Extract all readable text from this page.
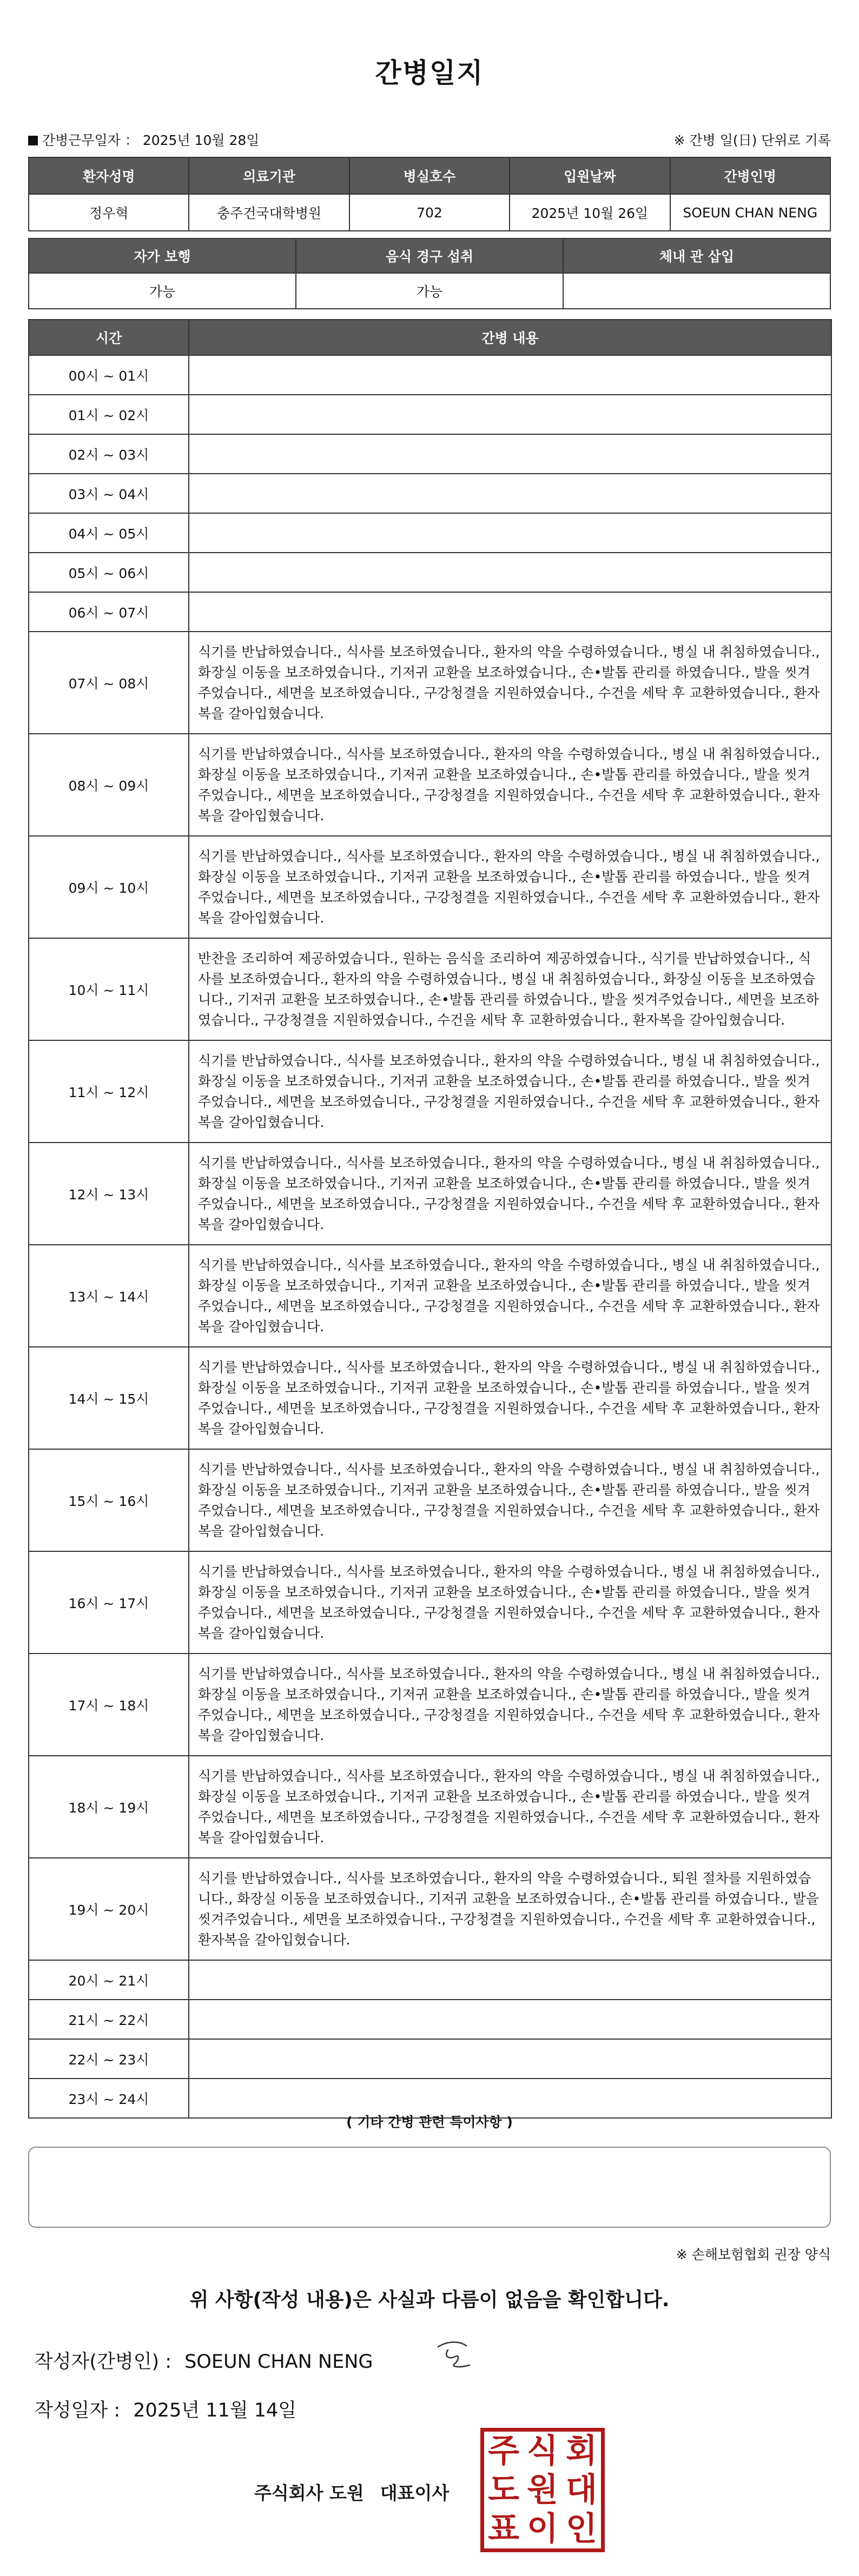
간병일지
간병근무일자 ： 2025년 10월 28일	※ 간병 일(日) 단위로 기록
환자성명	의료기관	병실호수	입원날짜	간병인명
정우혁	충주건국대학병원	702	2025년 10월 26일	SOEUN CHAN NENG
자가 보행	음식 경구 섭취	체내 관 삽입
가능	가능	
시간	간병 내용
00시 ~ 01시	
01시 ~ 02시	
02시 ~ 03시	
03시 ~ 04시	
04시 ~ 05시	
05시 ~ 06시	
06시 ~ 07시	
07시 ~ 08시	식기를 반납하였습니다., 식사를 보조하였습니다., 환자의 약을 수령하였습니다., 병실 내 취침하였습니다., 화장실 이동을 보조하였습니다., 기저귀 교환을 보조하였습니다., 손•발톱 관리를 하였습니다., 발을 씻겨주었습니다., 세면을 보조하였습니다., 구강청결을 지원하였습니다., 수건을 세탁 후 교환하였습니다., 환자복을 갈아입혔습니다.
08시 ~ 09시	식기를 반납하였습니다., 식사를 보조하였습니다., 환자의 약을 수령하였습니다., 병실 내 취침하였습니다., 화장실 이동을 보조하였습니다., 기저귀 교환을 보조하였습니다., 손•발톱 관리를 하였습니다., 발을 씻겨주었습니다., 세면을 보조하였습니다., 구강청결을 지원하였습니다., 수건을 세탁 후 교환하였습니다., 환자복을 갈아입혔습니다.
09시 ~ 10시	식기를 반납하였습니다., 식사를 보조하였습니다., 환자의 약을 수령하였습니다., 병실 내 취침하였습니다., 화장실 이동을 보조하였습니다., 기저귀 교환을 보조하였습니다., 손•발톱 관리를 하였습니다., 발을 씻겨주었습니다., 세면을 보조하였습니다., 구강청결을 지원하였습니다., 수건을 세탁 후 교환하였습니다., 환자복을 갈아입혔습니다.
10시 ~ 11시	반찬을 조리하여 제공하였습니다., 원하는 음식을 조리하여 제공하였습니다., 식기를 반납하였습니다., 식사를 보조하였습니다., 환자의 약을 수령하였습니다., 병실 내 취침하였습니다., 화장실 이동을 보조하였습니다., 기저귀 교환을 보조하였습니다., 손•발톱 관리를 하였습니다., 발을 씻겨주었습니다., 세면을 보조하였습니다., 구강청결을 지원하였습니다., 수건을 세탁 후 교환하였습니다., 환자복을 갈아입혔습니다.
11시 ~ 12시	식기를 반납하였습니다., 식사를 보조하였습니다., 환자의 약을 수령하였습니다., 병실 내 취침하였습니다., 화장실 이동을 보조하였습니다., 기저귀 교환을 보조하였습니다., 손•발톱 관리를 하였습니다., 발을 씻겨주었습니다., 세면을 보조하였습니다., 구강청결을 지원하였습니다., 수건을 세탁 후 교환하였습니다., 환자복을 갈아입혔습니다.
12시 ~ 13시	식기를 반납하였습니다., 식사를 보조하였습니다., 환자의 약을 수령하였습니다., 병실 내 취침하였습니다., 화장실 이동을 보조하였습니다., 기저귀 교환을 보조하였습니다., 손•발톱 관리를 하였습니다., 발을 씻겨주었습니다., 세면을 보조하였습니다., 구강청결을 지원하였습니다., 수건을 세탁 후 교환하였습니다., 환자복을 갈아입혔습니다.
13시 ~ 14시	식기를 반납하였습니다., 식사를 보조하였습니다., 환자의 약을 수령하였습니다., 병실 내 취침하였습니다., 화장실 이동을 보조하였습니다., 기저귀 교환을 보조하였습니다., 손•발톱 관리를 하였습니다., 발을 씻겨주었습니다., 세면을 보조하였습니다., 구강청결을 지원하였습니다., 수건을 세탁 후 교환하였습니다., 환자복을 갈아입혔습니다.
14시 ~ 15시	식기를 반납하였습니다., 식사를 보조하였습니다., 환자의 약을 수령하였습니다., 병실 내 취침하였습니다., 화장실 이동을 보조하였습니다., 기저귀 교환을 보조하였습니다., 손•발톱 관리를 하였습니다., 발을 씻겨주었습니다., 세면을 보조하였습니다., 구강청결을 지원하였습니다., 수건을 세탁 후 교환하였습니다., 환자복을 갈아입혔습니다.
15시 ~ 16시	식기를 반납하였습니다., 식사를 보조하였습니다., 환자의 약을 수령하였습니다., 병실 내 취침하였습니다., 화장실 이동을 보조하였습니다., 기저귀 교환을 보조하였습니다., 손•발톱 관리를 하였습니다., 발을 씻겨주었습니다., 세면을 보조하였습니다., 구강청결을 지원하였습니다., 수건을 세탁 후 교환하였습니다., 환자복을 갈아입혔습니다.
16시 ~ 17시	식기를 반납하였습니다., 식사를 보조하였습니다., 환자의 약을 수령하였습니다., 병실 내 취침하였습니다., 화장실 이동을 보조하였습니다., 기저귀 교환을 보조하였습니다., 손•발톱 관리를 하였습니다., 발을 씻겨주었습니다., 세면을 보조하였습니다., 구강청결을 지원하였습니다., 수건을 세탁 후 교환하였습니다., 환자복을 갈아입혔습니다.
17시 ~ 18시	식기를 반납하였습니다., 식사를 보조하였습니다., 환자의 약을 수령하였습니다., 병실 내 취침하였습니다., 화장실 이동을 보조하였습니다., 기저귀 교환을 보조하였습니다., 손•발톱 관리를 하였습니다., 발을 씻겨주었습니다., 세면을 보조하였습니다., 구강청결을 지원하였습니다., 수건을 세탁 후 교환하였습니다., 환자복을 갈아입혔습니다.
18시 ~ 19시	식기를 반납하였습니다., 식사를 보조하였습니다., 환자의 약을 수령하였습니다., 병실 내 취침하였습니다., 화장실 이동을 보조하였습니다., 기저귀 교환을 보조하였습니다., 손•발톱 관리를 하였습니다., 발을 씻겨주었습니다., 세면을 보조하였습니다., 구강청결을 지원하였습니다., 수건을 세탁 후 교환하였습니다., 환자복을 갈아입혔습니다.
19시 ~ 20시	식기를 반납하였습니다., 식사를 보조하였습니다., 환자의 약을 수령하였습니다., 퇴원 절차를 지원하였습니다., 화장실 이동을 보조하였습니다., 기저귀 교환을 보조하였습니다., 손•발톱 관리를 하였습니다., 발을 씻겨주었습니다., 세면을 보조하였습니다., 구강청결을 지원하였습니다., 수건을 세탁 후 교환하였습니다., 환자복을 갈아입혔습니다.
20시 ~ 21시	
21시 ~ 22시	
22시 ~ 23시	
23시 ~ 24시	
( 기타 간병 관련 특이사항 )
※ 손해보험협회 권장 양식
위 사항(작성 내용)은 사실과 다름이 없음을 확인합니다.
작성자(간병인) : SOEUN CHAN NENG
작성일자 : 2025년 11월 14일
주식회사 도원 대표이사
주 식 회
도 원 대
표 이 인
